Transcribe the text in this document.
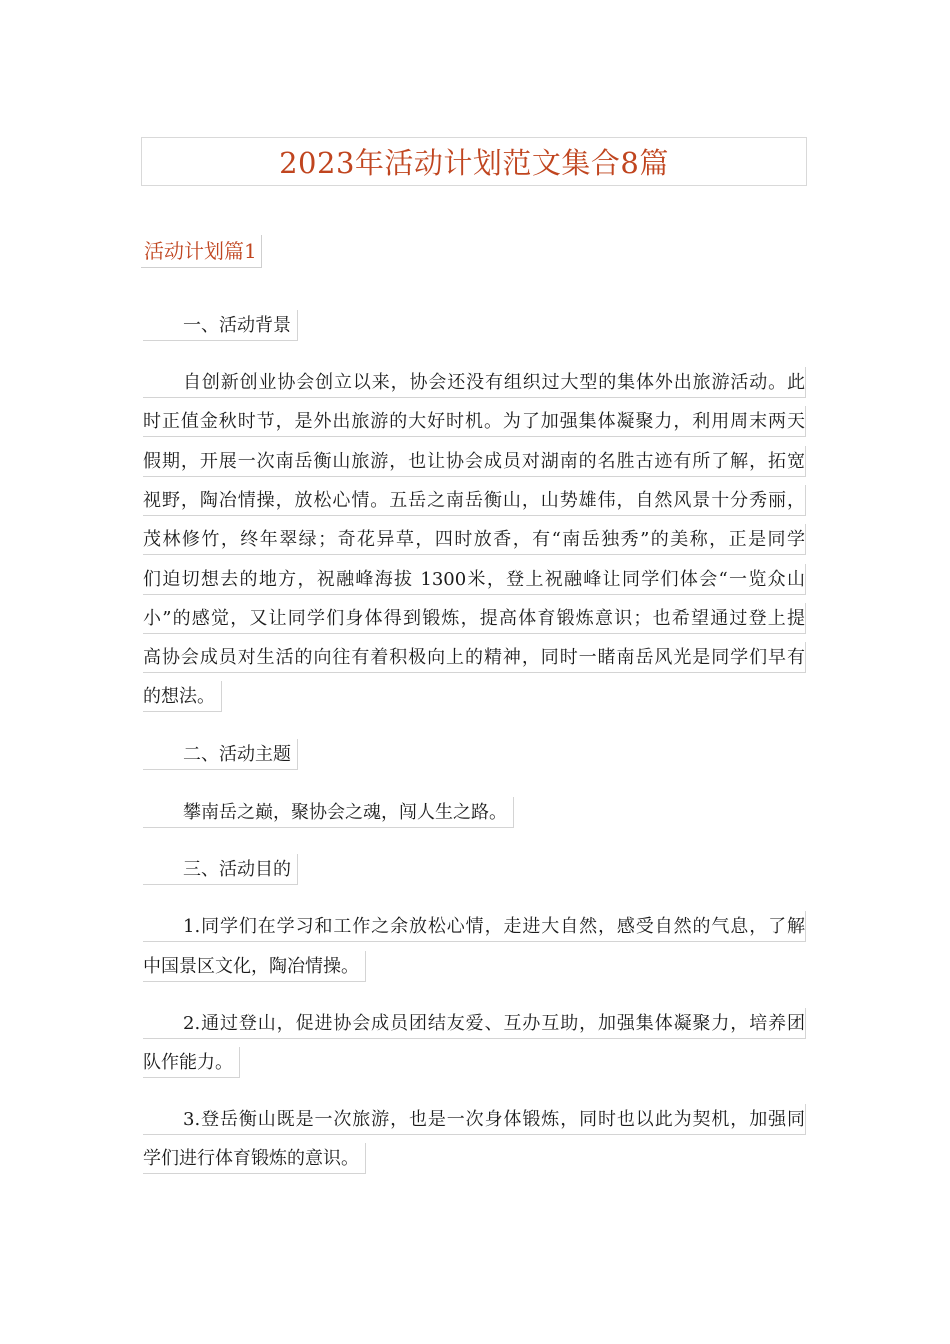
2023年活动计划范文集合8篇
活动计划篇1
一、活动背景
自创新创业协会创立以来，协会还没有组织过大型的集体外出旅游活动。此
时正值金秋时节，是外出旅游的大好时机。为了加强集体凝聚力，利用周末两天
假期，开展一次南岳衡山旅游，也让协会成员对湖南的名胜古迹有所了解，拓宽
视野，陶冶情操，放松心情。五岳之南岳衡山，山势雄伟，自然风景十分秀丽，
茂林修竹，终年翠绿；奇花异草，四时放香，有“南岳独秀”的美称，正是同学
们迫切想去的地方，祝融峰海拔 1300米，登上祝融峰让同学们体会“一览众山
小”的感觉，又让同学们身体得到锻炼，提高体育锻炼意识；也希望通过登上提
高协会成员对生活的向往有着积极向上的精神，同时一睹南岳风光是同学们早有
的想法。
二、活动主题
攀南岳之巅，聚协会之魂，闯人生之路。
三、活动目的
1.同学们在学习和工作之余放松心情，走进大自然，感受自然的气息，了解
中国景区文化，陶冶情操。
2.通过登山，促进协会成员团结友爱、互办互助，加强集体凝聚力，培养团
队作能力。
3.登岳衡山既是一次旅游，也是一次身体锻炼，同时也以此为契机，加强同
学们进行体育锻炼的意识。
